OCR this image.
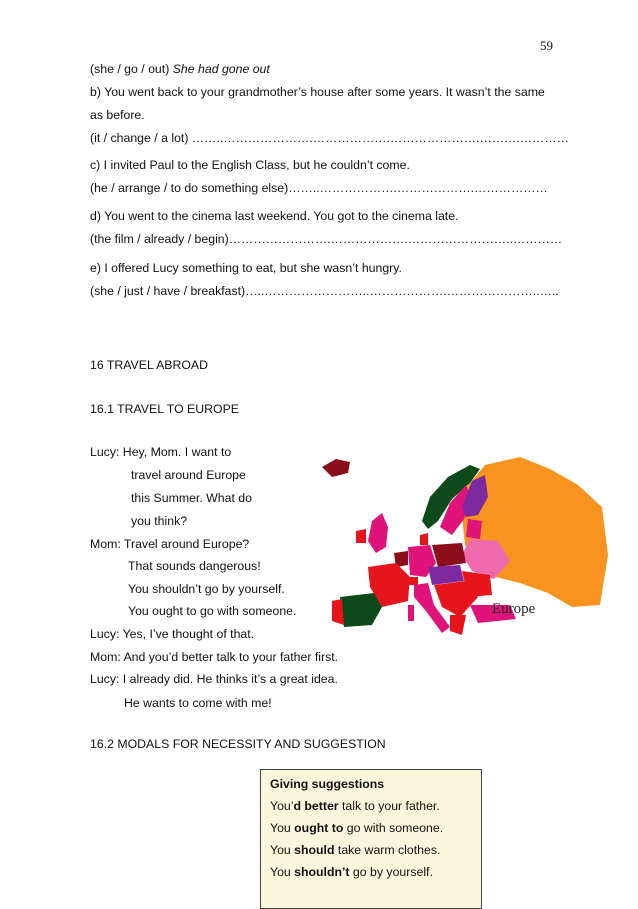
59
(she / go / out) She had gone out
b) You went back to your grandmother’s house after some years. It wasn’t the same
as before.
(it / change / a lot) ……..………………….……………….………………….……….…………
c) I invited Paul to the English Class, but he couldn’t come.
(he / arrange / to do something else)……..……………….……………….………………
d) You went to the cinema last weekend. You got to the cinema late.
(the film / already / begin)…………………….……………….……………………..…………
e) I offered Lucy something to eat, but she wasn’t hungry.
(she / just / have / breakfast)…..……………………..……………….…………………..…..
16 TRAVEL ABROAD
16.1 TRAVEL TO EUROPE
Lucy: Hey, Mom. I want to
travel around Europe
this Summer. What do
you think?
Mom: Travel around Europe?
That sounds dangerous!
You shouldn’t go by yourself.
You ought to go with someone.
Lucy: Yes, I’ve thought of that.
Mom: And you’d better talk to your father first.
Lucy: I already did. He thinks it’s a great idea.
He wants to come with me!
Europe
16.2 MODALS FOR NECESSITY AND SUGGESTION
Giving suggestions
You’d better talk to your father.
You ought to go with someone.
You should take warm clothes.
You shouldn’t go by yourself.
